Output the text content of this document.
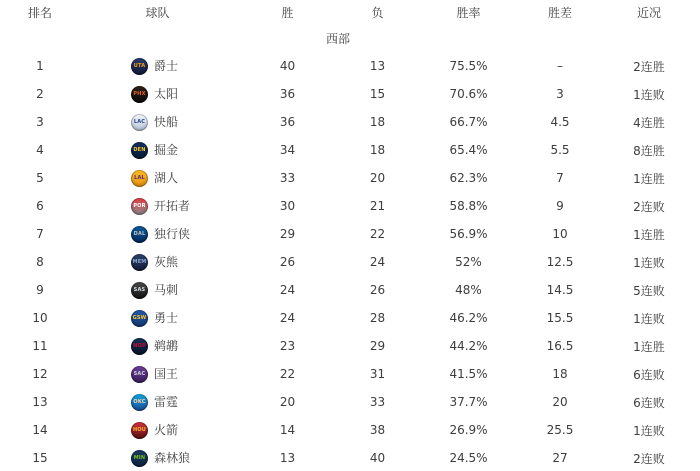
排名	球队	胜	负	胜率	胜差	近况
西部
1	UTA 爵士	40	13	75.5%	–	2连胜
2	PHX 太阳	36	15	70.6%	3	1连败
3	LAC 快船	36	18	66.7%	4.5	4连胜
4	DEN 掘金	34	18	65.4%	5.5	8连胜
5	LAL 湖人	33	20	62.3%	7	1连胜
6	POR 开拓者	30	21	58.8%	9	2连败
7	DAL 独行侠	29	22	56.9%	10	1连胜
8	MEM 灰熊	26	24	52%	12.5	1连败
9	SAS 马刺	24	26	48%	14.5	5连败
10	GSW 勇士	24	28	46.2%	15.5	1连败
11	NOP 鹈鹕	23	29	44.2%	16.5	1连胜
12	SAC 国王	22	31	41.5%	18	6连败
13	OKC 雷霆	20	33	37.7%	20	6连败
14	HOU 火箭	14	38	26.9%	25.5	1连败
15	MIN 森林狼	13	40	24.5%	27	2连败
